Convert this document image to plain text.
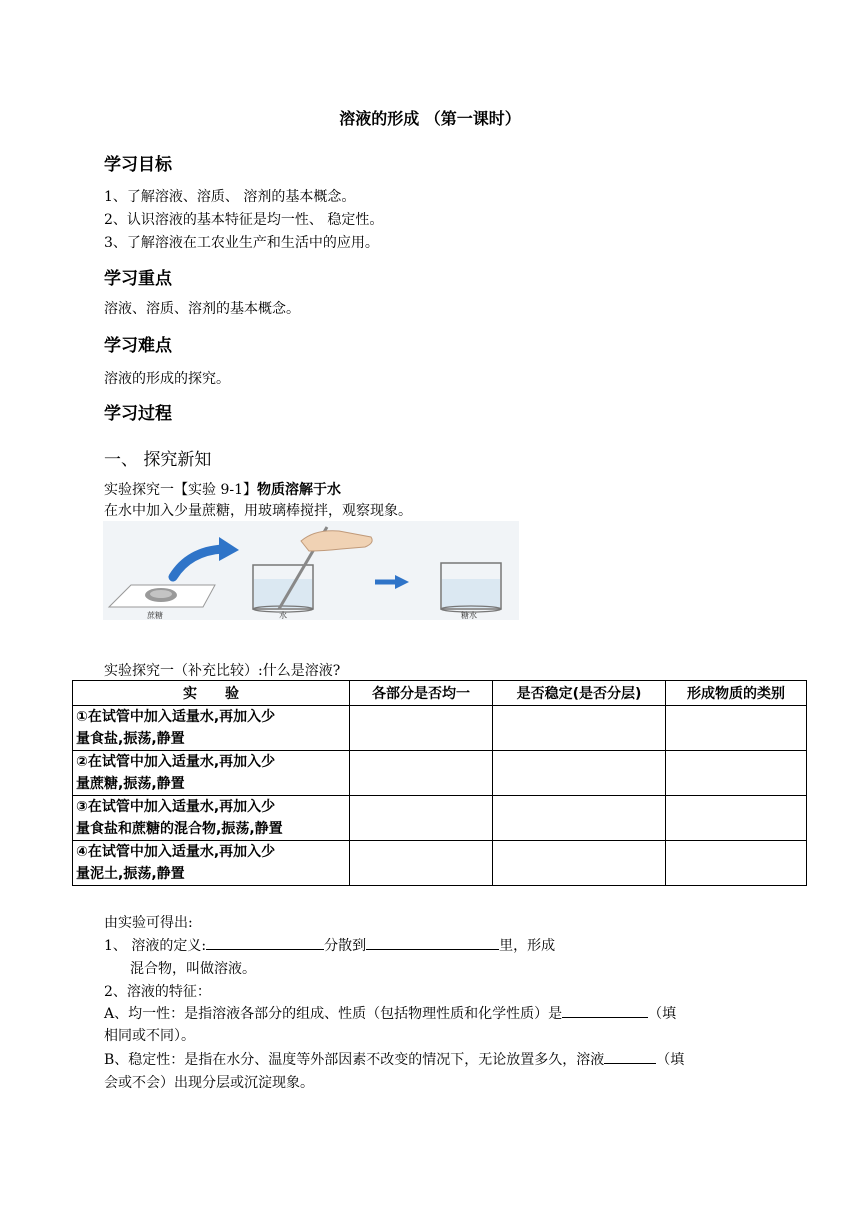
溶液的形成 （第一课时）
学习目标
1、了解溶液、溶质、 溶剂的基本概念。
2、认识溶液的基本特征是均一性、 稳定性。
3、了解溶液在工农业生产和生活中的应用。
学习重点
溶液、溶质、溶剂的基本概念。
学习难点
溶液的形成的探究。
学习过程
一、 探究新知
实验探究一【实验 9-1】物质溶解于水
在水中加入少量蔗糖，用玻璃棒搅拌，观察现象。
蔗糖	水	糖水
实验探究一（补充比较）:什么是溶液?
实　　验	各部分是否均一	是否稳定(是否分层)	形成物质的类别
①在试管中加入适量水,再加入少
量食盐,振荡,静置			
②在试管中加入适量水,再加入少
量蔗糖,振荡,静置			
③在试管中加入适量水,再加入少
量食盐和蔗糖的混合物,振荡,静置			
④在试管中加入适量水,再加入少
量泥土,振荡,静置			
由实验可得出:
1、 溶液的定义:	分散到	里，形成
混合物，叫做溶液。
2、溶液的特征：
A、均一性：是指溶液各部分的组成、性质（包括物理性质和化学性质）是	（填
相同或不同）。
B、稳定性：是指在水分、温度等外部因素不改变的情况下，无论放置多久，溶液	（填
会或不会）出现分层或沉淀现象。
